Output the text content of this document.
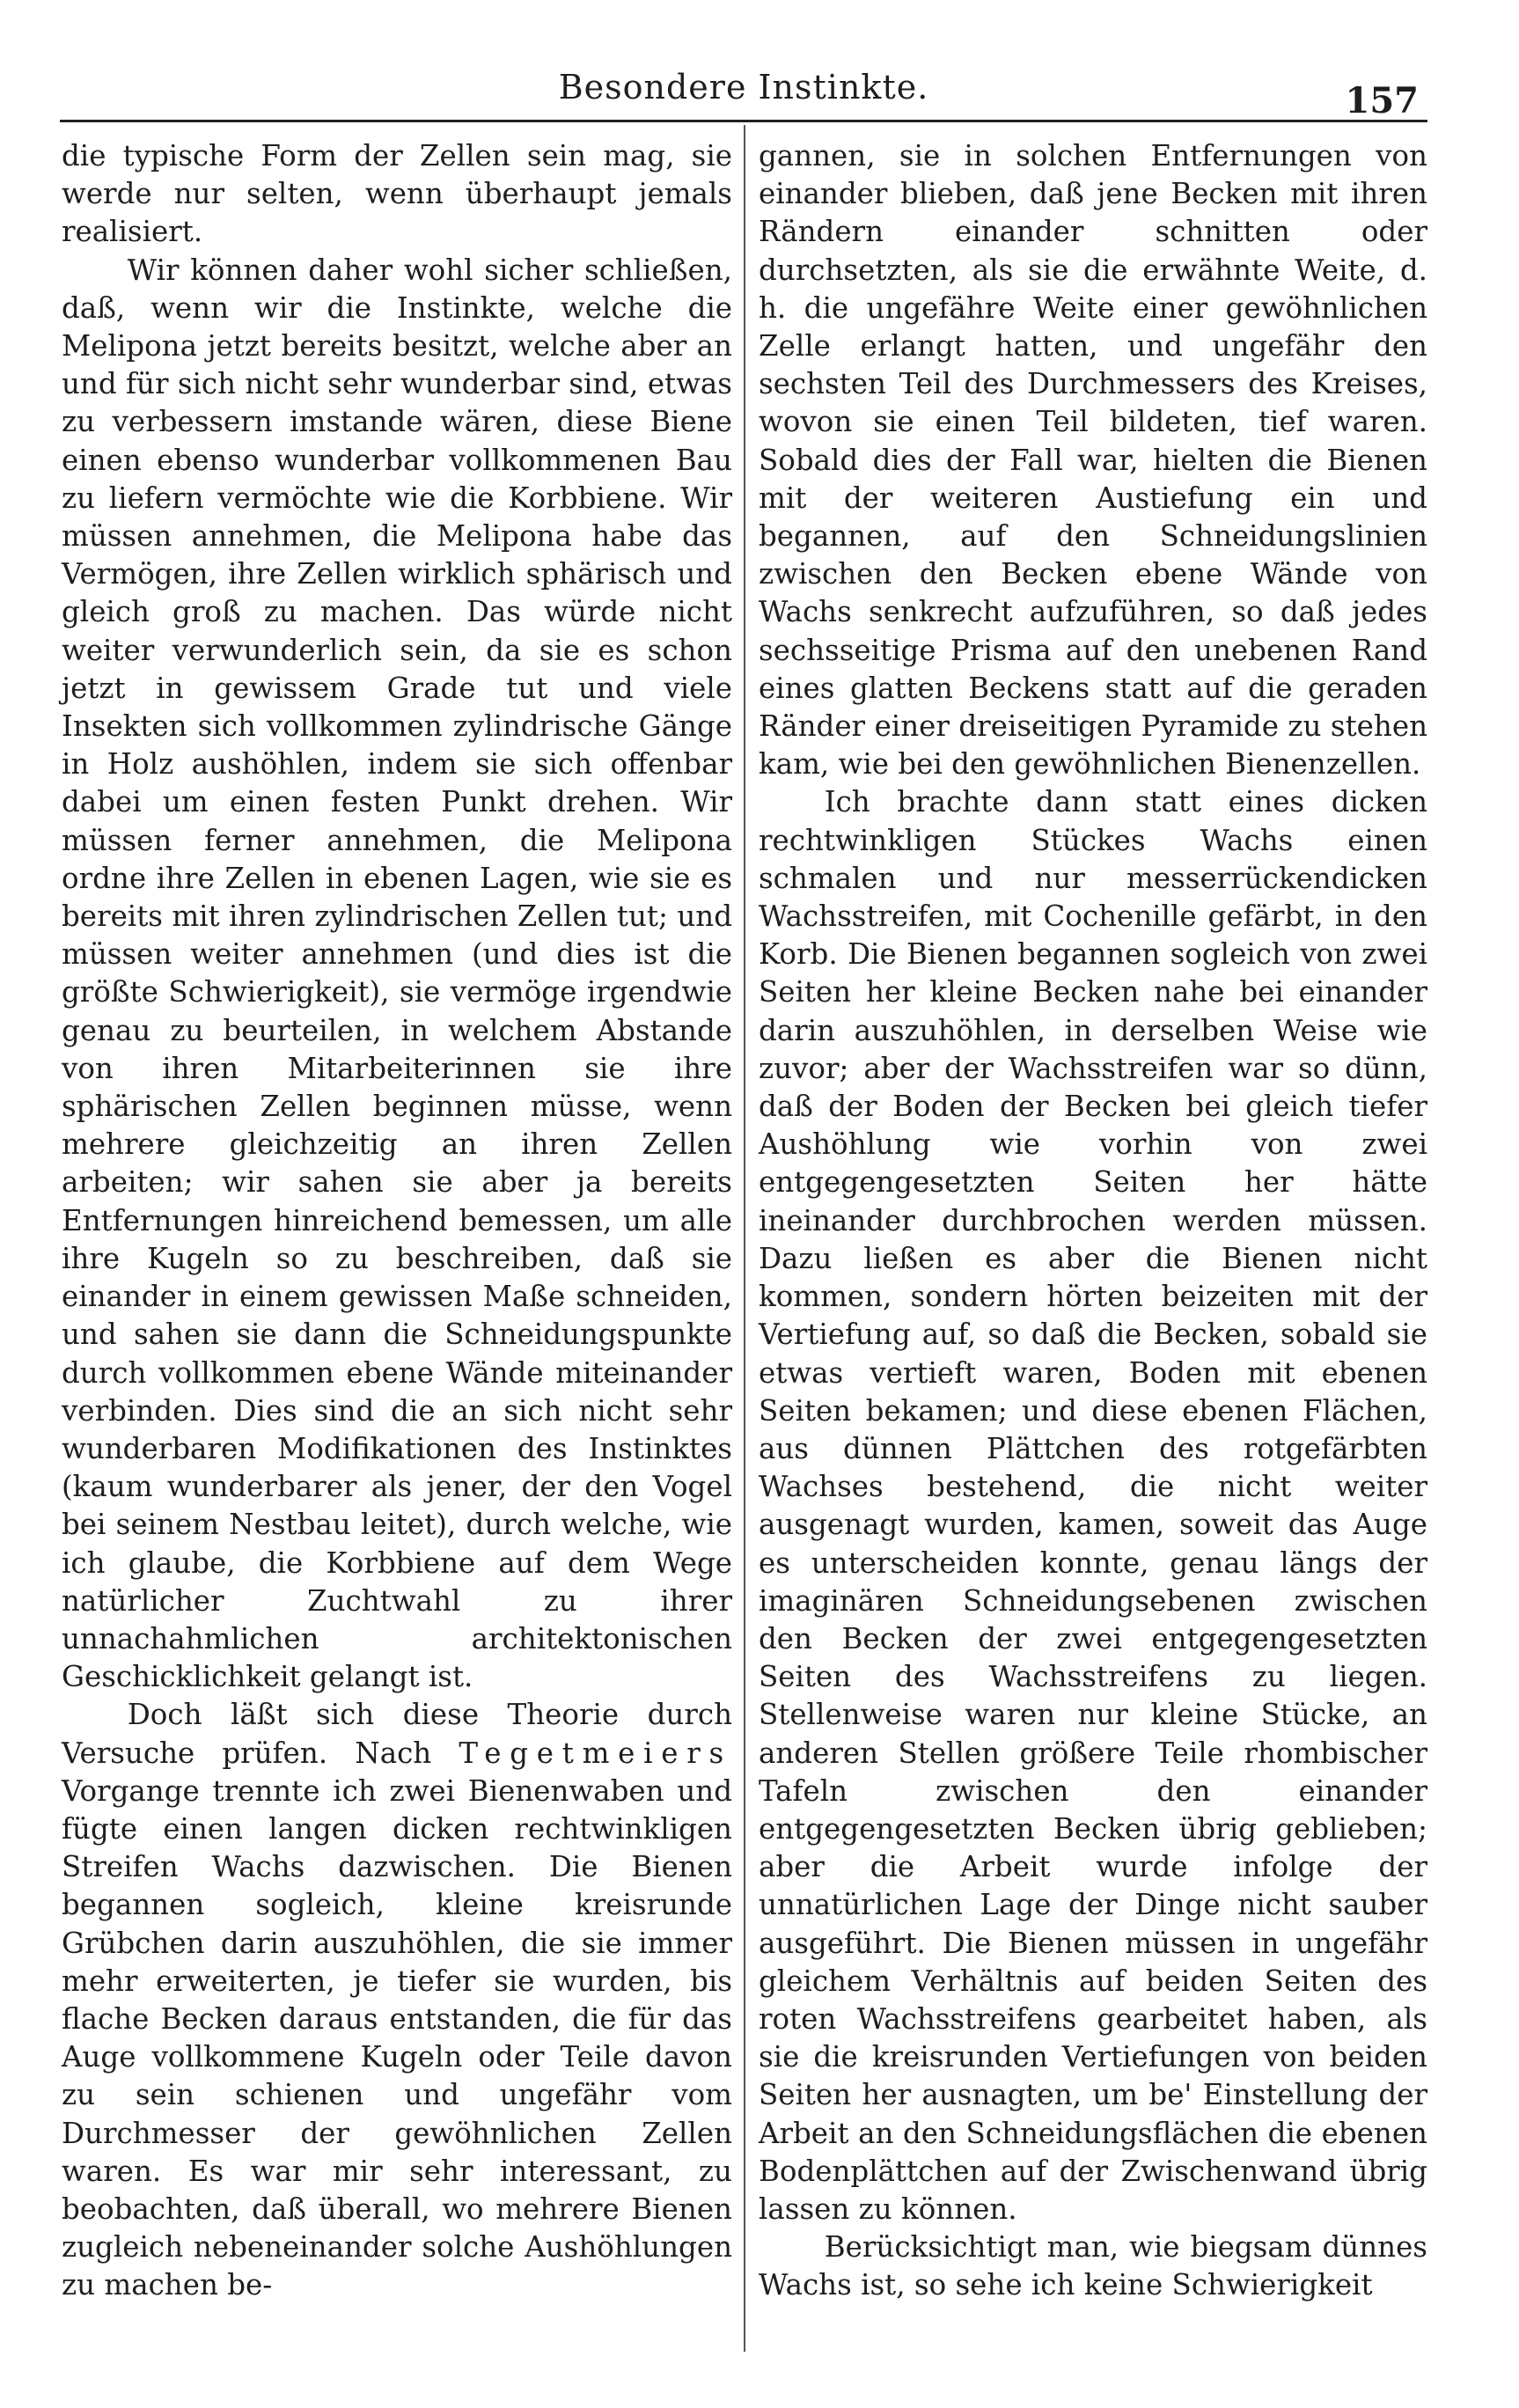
Besondere Instinkte.	157

die typische Form der Zellen sein mag, sie werde nur selten, wenn überhaupt jemals realisiert.

Wir können daher wohl sicher schließen, daß, wenn wir die Instinkte, welche die Melipona jetzt bereits besitzt, welche aber an und für sich nicht sehr wunderbar sind, etwas zu verbessern imstande wären, diese Biene einen ebenso wunderbar vollkommenen Bau zu liefern vermöchte wie die Korbbiene. Wir müssen annehmen, die Melipona habe das Vermögen, ihre Zellen wirklich sphärisch und gleich groß zu machen. Das würde nicht weiter verwunderlich sein, da sie es schon jetzt in gewissem Grade tut und viele Insekten sich vollkommen zylindrische Gänge in Holz aushöhlen, indem sie sich offenbar dabei um einen festen Punkt drehen. Wir müssen ferner annehmen, die Melipona ordne ihre Zellen in ebenen Lagen, wie sie es bereits mit ihren zylindrischen Zellen tut; und müssen weiter annehmen (und dies ist die größte Schwierigkeit), sie vermöge irgendwie genau zu beurteilen, in welchem Abstande von ihren Mitarbeiterinnen sie ihre sphärischen Zellen beginnen müsse, wenn mehrere gleichzeitig an ihren Zellen arbeiten; wir sahen sie aber ja bereits Entfernungen hinreichend bemessen, um alle ihre Kugeln so zu beschreiben, daß sie einander in einem gewissen Maße schneiden, und sahen sie dann die Schneidungspunkte durch vollkommen ebene Wände miteinander verbinden. Dies sind die an sich nicht sehr wunderbaren Modifikationen des Instinktes (kaum wunderbarer als jener, der den Vogel bei seinem Nestbau leitet), durch welche, wie ich glaube, die Korbbiene auf dem Wege natürlicher Zuchtwahl zu ihrer unnachahmlichen architektonischen Geschicklichkeit gelangt ist.

Doch läßt sich diese Theorie durch Versuche prüfen. Nach Tegetmeiers Vorgange trennte ich zwei Bienenwaben und fügte einen langen dicken rechtwinkligen Streifen Wachs dazwischen. Die Bienen begannen sogleich, kleine kreisrunde Grübchen darin auszuhöhlen, die sie immer mehr erweiterten, je tiefer sie wurden, bis flache Becken daraus entstanden, die für das Auge vollkommene Kugeln oder Teile davon zu sein schienen und ungefähr vom Durchmesser der gewöhnlichen Zellen waren. Es war mir sehr interessant, zu beobachten, daß überall, wo mehrere Bienen zugleich nebeneinander solche Aushöhlungen zu machen be-

gannen, sie in solchen Entfernungen von einander blieben, daß jene Becken mit ihren Rändern einander schnitten oder durchsetzten, als sie die erwähnte Weite, d. h. die ungefähre Weite einer gewöhnlichen Zelle erlangt hatten, und ungefähr den sechsten Teil des Durchmessers des Kreises, wovon sie einen Teil bildeten, tief waren. Sobald dies der Fall war, hielten die Bienen mit der weiteren Austiefung ein und begannen, auf den Schneidungslinien zwischen den Becken ebene Wände von Wachs senkrecht aufzuführen, so daß jedes sechsseitige Prisma auf den unebenen Rand eines glatten Beckens statt auf die geraden Ränder einer dreiseitigen Pyramide zu stehen kam, wie bei den gewöhnlichen Bienenzellen.

Ich brachte dann statt eines dicken rechtwinkligen Stückes Wachs einen schmalen und nur messerrückendicken Wachsstreifen, mit Cochenille gefärbt, in den Korb. Die Bienen begannen sogleich von zwei Seiten her kleine Becken nahe bei einander darin auszuhöhlen, in derselben Weise wie zuvor; aber der Wachsstreifen war so dünn, daß der Boden der Becken bei gleich tiefer Aushöhlung wie vorhin von zwei entgegengesetzten Seiten her hätte ineinander durchbrochen werden müssen. Dazu ließen es aber die Bienen nicht kommen, sondern hörten beizeiten mit der Vertiefung auf, so daß die Becken, sobald sie etwas vertieft waren, Boden mit ebenen Seiten bekamen; und diese ebenen Flächen, aus dünnen Plättchen des rotgefärbten Wachses bestehend, die nicht weiter ausgenagt wurden, kamen, soweit das Auge es unterscheiden konnte, genau längs der imaginären Schneidungsebenen zwischen den Becken der zwei entgegengesetzten Seiten des Wachsstreifens zu liegen. Stellenweise waren nur kleine Stücke, an anderen Stellen größere Teile rhombischer Tafeln zwischen den einander entgegengesetzten Becken übrig geblieben; aber die Arbeit wurde infolge der unnatürlichen Lage der Dinge nicht sauber ausgeführt. Die Bienen müssen in ungefähr gleichem Verhältnis auf beiden Seiten des roten Wachsstreifens gearbeitet haben, als sie die kreisrunden Vertiefungen von beiden Seiten her ausnagten, um be' Einstellung der Arbeit an den Schneidungsflächen die ebenen Bodenplättchen auf der Zwischenwand übrig lassen zu können.

Berücksichtigt man, wie biegsam dünnes Wachs ist, so sehe ich keine Schwierigkeit
